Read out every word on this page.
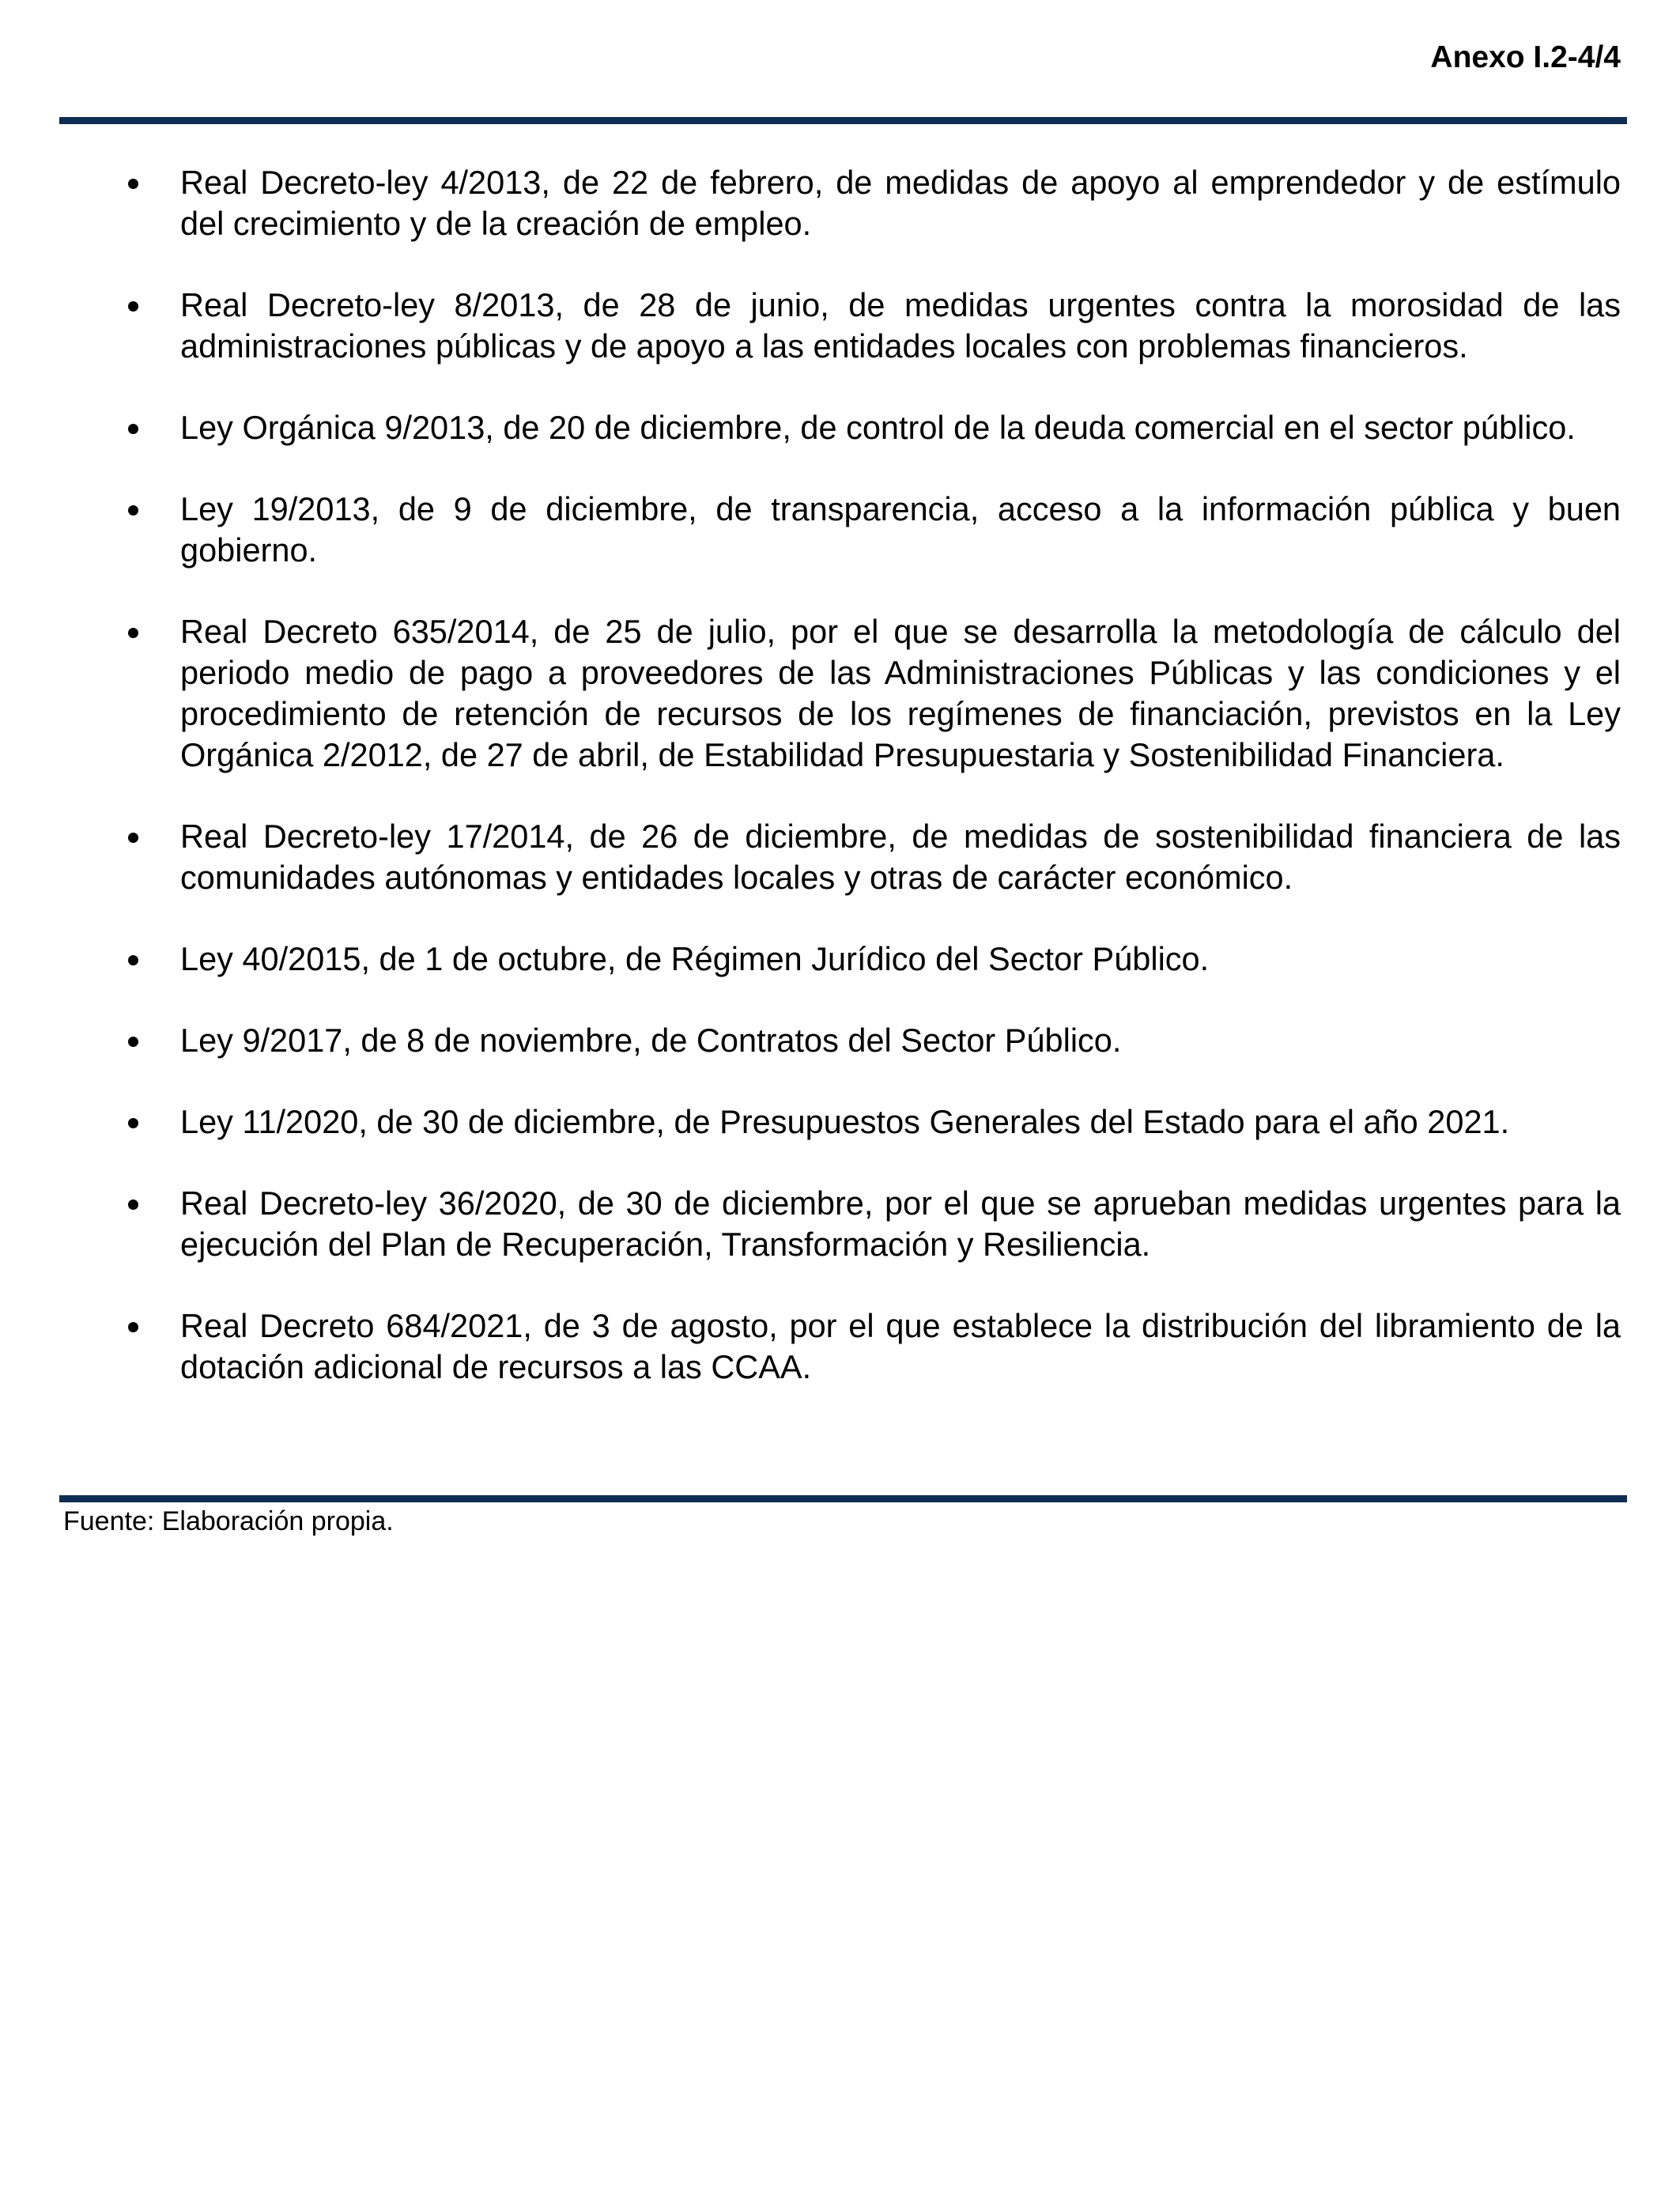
Anexo I.2-4/4
Real Decreto-ley 4/2013, de 22 de febrero, de medidas de apoyo al emprendedor y de estímulo del crecimiento y de la creación de empleo.
Real Decreto-ley 8/2013, de 28 de junio, de medidas urgentes contra la morosidad de las administraciones públicas y de apoyo a las entidades locales con problemas financieros.
Ley Orgánica 9/2013, de 20 de diciembre, de control de la deuda comercial en el sector público.
Ley 19/2013, de 9 de diciembre, de transparencia, acceso a la información pública y buen gobierno.
Real Decreto 635/2014, de 25 de julio, por el que se desarrolla la metodología de cálculo del periodo medio de pago a proveedores de las Administraciones Públicas y las condiciones y el procedimiento de retención de recursos de los regímenes de financiación, previstos en la Ley Orgánica 2/2012, de 27 de abril, de Estabilidad Presupuestaria y Sostenibilidad Financiera.
Real Decreto-ley 17/2014, de 26 de diciembre, de medidas de sostenibilidad financiera de las comunidades autónomas y entidades locales y otras de carácter económico.
Ley 40/2015, de 1 de octubre, de Régimen Jurídico del Sector Público.
Ley 9/2017, de 8 de noviembre, de Contratos del Sector Público.
Ley 11/2020, de 30 de diciembre, de Presupuestos Generales del Estado para el año 2021.
Real Decreto-ley 36/2020, de 30 de diciembre, por el que se aprueban medidas urgentes para la ejecución del Plan de Recuperación, Transformación y Resiliencia.
Real Decreto 684/2021, de 3 de agosto, por el que establece la distribución del libramiento de la dotación adicional de recursos a las CCAA.
Fuente: Elaboración propia.
